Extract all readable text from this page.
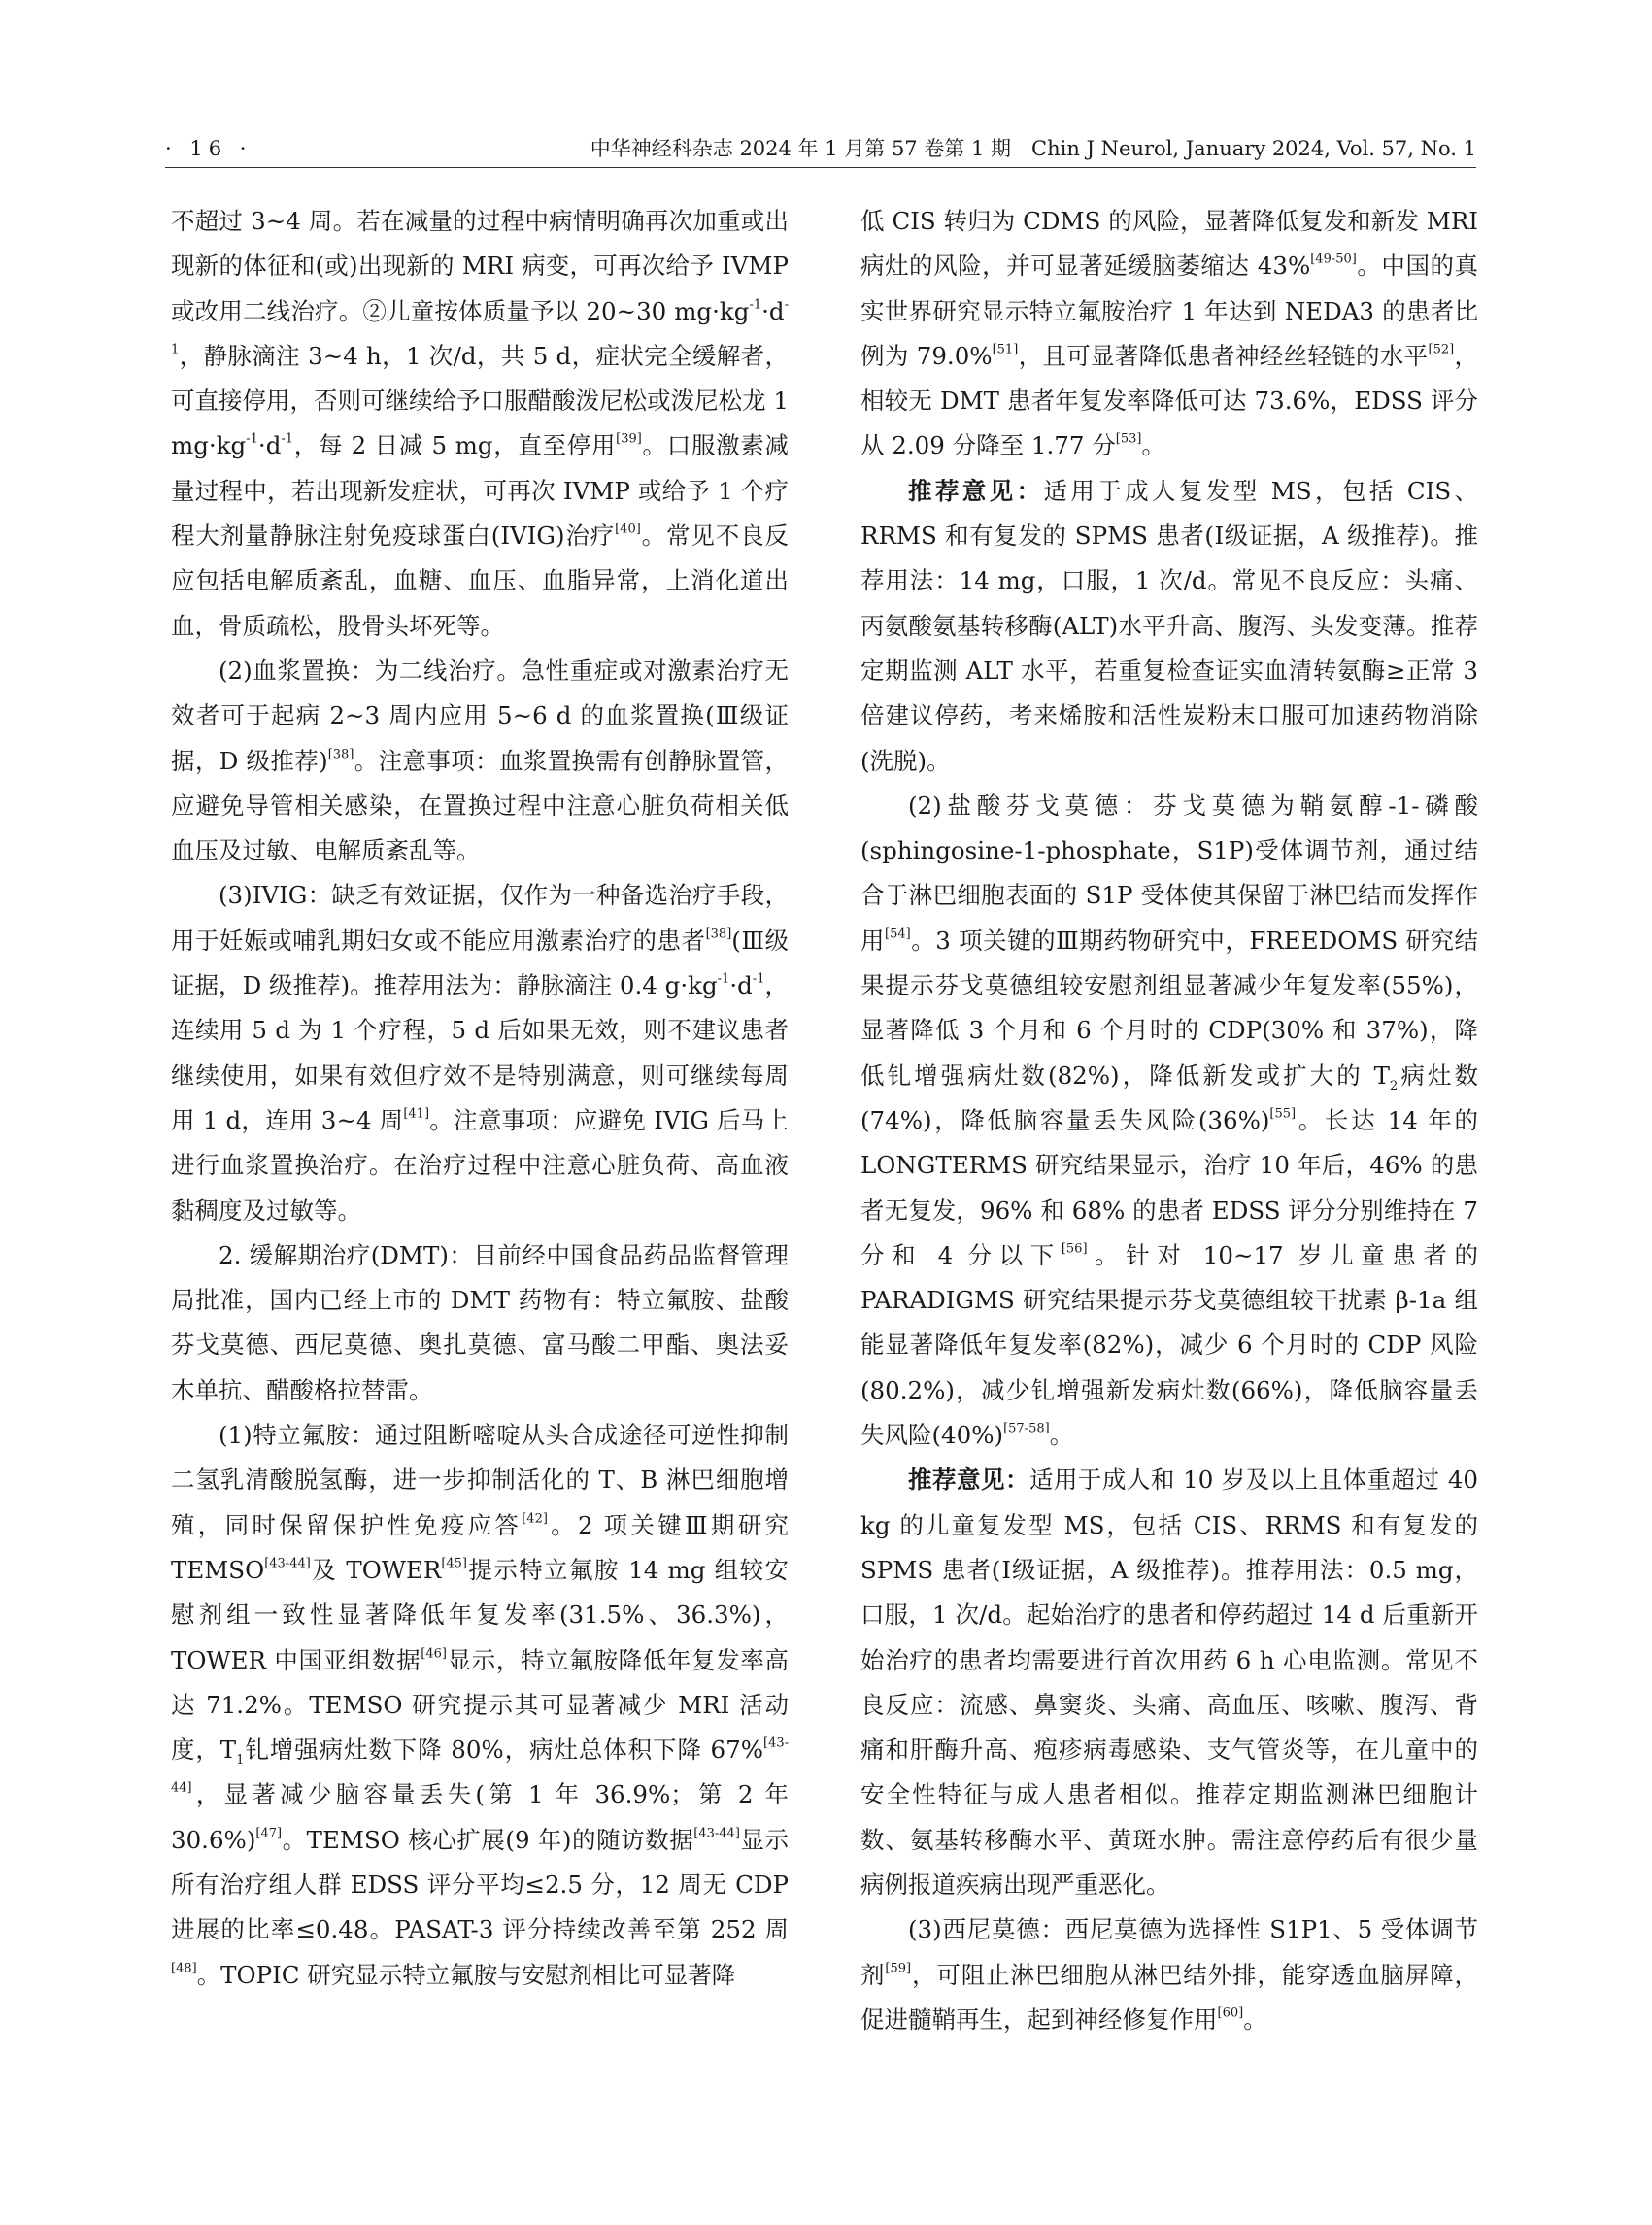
· 16 ·	中华神经科杂志 2024 年 1 月第 57 卷第 1 期　Chin J Neurol, January 2024, Vol. 57, No. 1

不超过 3~4 周。若在减量的过程中病情明确再次加重或出现新的体征和(或)出现新的 MRI 病变，可再次给予 IVMP 或改用二线治疗。②儿童按体质量予以 20~30 $mg\cdot kg^{-1}\cdot d^{-1}$，静脉滴注 3~4 h，1 次/d，共 5 d，症状完全缓解者，可直接停用，否则可继续给予口服醋酸泼尼松或泼尼松龙 1 $mg\cdot kg^{-1}\cdot d^{-1}$，每 2 日减 5 mg，直至停用[39]。口服激素减量过程中，若出现新发症状，可再次 IVMP 或给予 1 个疗程大剂量静脉注射免疫球蛋白(IVIG)治疗[40]。常见不良反应包括电解质紊乱，血糖、血压、血脂异常，上消化道出血，骨质疏松，股骨头坏死等。

(2)血浆置换：为二线治疗。急性重症或对激素治疗无效者可于起病 2~3 周内应用 5~6 d 的血浆置换(Ⅲ级证据，D 级推荐)[38]。注意事项：血浆置换需有创静脉置管，应避免导管相关感染，在置换过程中注意心脏负荷相关低血压及过敏、电解质紊乱等。

(3)IVIG：缺乏有效证据，仅作为一种备选治疗手段，用于妊娠或哺乳期妇女或不能应用激素治疗的患者[38](Ⅲ级证据，D 级推荐)。推荐用法为：静脉滴注 0.4 $g\cdot kg^{-1}\cdot d^{-1}$，连续用 5 d 为 1 个疗程，5 d 后如果无效，则不建议患者继续使用，如果有效但疗效不是特别满意，则可继续每周用 1 d，连用 3~4 周[41]。注意事项：应避免 IVIG 后马上进行血浆置换治疗。在治疗过程中注意心脏负荷、高血液黏稠度及过敏等。

2. 缓解期治疗(DMT)：目前经中国食品药品监督管理局批准，国内已经上市的 DMT 药物有：特立氟胺、盐酸芬戈莫德、西尼莫德、奥扎莫德、富马酸二甲酯、奥法妥木单抗、醋酸格拉替雷。

(1)特立氟胺：通过阻断嘧啶从头合成途径可逆性抑制二氢乳清酸脱氢酶，进一步抑制活化的 T、B 淋巴细胞增殖，同时保留保护性免疫应答[42]。2 项关键Ⅲ期研究 TEMSO[43-44]及 TOWER[45]提示特立氟胺 14 mg 组较安慰剂组一致性显著降低年复发率(31.5%、36.3%)，TOWER 中国亚组数据[46]显示，特立氟胺降低年复发率高达 71.2%。TEMSO 研究提示其可显著减少 MRI 活动度，$T_1$钆增强病灶数下降 80%，病灶总体积下降 67%[43-44]，显著减少脑容量丢失(第 1 年 36.9%；第 2 年 30.6%)[47]。TEMSO 核心扩展(9 年)的随访数据[43-44]显示所有治疗组人群 EDSS 评分平均≤2.5 分，12 周无 CDP 进展的比率≤0.48。PASAT-3 评分持续改善至第 252 周[48]。TOPIC 研究显示特立氟胺与安慰剂相比可显著降

低 CIS 转归为 CDMS 的风险，显著降低复发和新发 MRI 病灶的风险，并可显著延缓脑萎缩达 43%[49-50]。中国的真实世界研究显示特立氟胺治疗 1 年达到 NEDA3 的患者比例为 79.0%[51]，且可显著降低患者神经丝轻链的水平[52]，相较无 DMT 患者年复发率降低可达 73.6%，EDSS 评分从 2.09 分降至 1.77 分[53]。

推荐意见：适用于成人复发型 MS，包括 CIS、RRMS 和有复发的 SPMS 患者(Ⅰ级证据，A 级推荐)。推荐用法：14 mg，口服，1 次/d。常见不良反应：头痛、丙氨酸氨基转移酶(ALT)水平升高、腹泻、头发变薄。推荐定期监测 ALT 水平，若重复检查证实血清转氨酶≥正常 3 倍建议停药，考来烯胺和活性炭粉末口服可加速药物消除(洗脱)。

(2)盐酸芬戈莫德：芬戈莫德为鞘氨醇-1-磷酸(sphingosine-1-phosphate，S1P)受体调节剂，通过结合于淋巴细胞表面的 S1P 受体使其保留于淋巴结而发挥作用[54]。3 项关键的Ⅲ期药物研究中，FREEDOMS 研究结果提示芬戈莫德组较安慰剂组显著减少年复发率(55%)，显著降低 3 个月和 6 个月时的 CDP(30% 和 37%)，降低钆增强病灶数(82%)，降低新发或扩大的 $T_2$病灶数(74%)，降低脑容量丢失风险(36%)[55]。长达 14 年的 LONGTERMS 研究结果显示，治疗 10 年后，46% 的患者无复发，96% 和 68% 的患者 EDSS 评分分别维持在 7 分和 4 分以下[56]。针对 10~17 岁儿童患者的 PARADIGMS 研究结果提示芬戈莫德组较干扰素 β-1a 组能显著降低年复发率(82%)，减少 6 个月时的 CDP 风险(80.2%)，减少钆增强新发病灶数(66%)，降低脑容量丢失风险(40%)[57-58]。

推荐意见：适用于成人和 10 岁及以上且体重超过 40 kg 的儿童复发型 MS，包括 CIS、RRMS 和有复发的 SPMS 患者(Ⅰ级证据，A 级推荐)。推荐用法：0.5 mg，口服，1 次/d。起始治疗的患者和停药超过 14 d 后重新开始治疗的患者均需要进行首次用药 6 h 心电监测。常见不良反应：流感、鼻窦炎、头痛、高血压、咳嗽、腹泻、背痛和肝酶升高、疱疹病毒感染、支气管炎等，在儿童中的安全性特征与成人患者相似。推荐定期监测淋巴细胞计数、氨基转移酶水平、黄斑水肿。需注意停药后有很少量病例报道疾病出现严重恶化。

(3)西尼莫德：西尼莫德为选择性 S1P1、5 受体调节剂[59]，可阻止淋巴细胞从淋巴结外排，能穿透血脑屏障，促进髓鞘再生，起到神经修复作用[60]。
